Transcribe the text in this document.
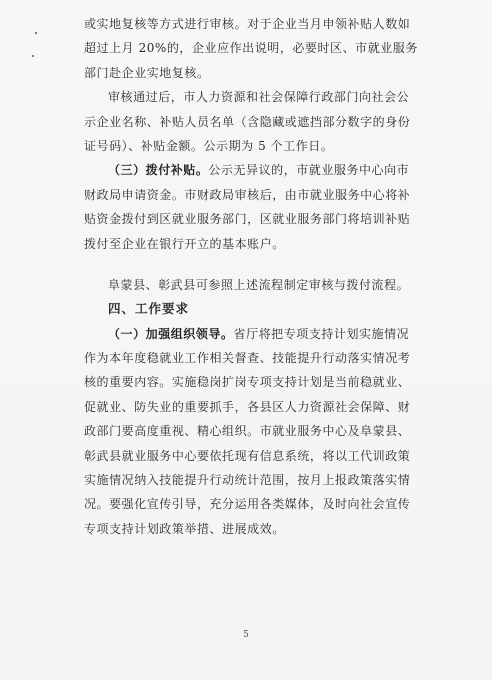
或实地复核等方式进行审核。对于企业当月申领补贴人数如
超过上月 20%的，企业应作出说明，必要时区、市就业服务
部门赴企业实地复核。
审核通过后，市人力资源和社会保障行政部门向社会公
示企业名称、补贴人员名单（含隐藏或遮挡部分数字的身份
证号码）、补贴金额。公示期为 5 个工作日。
（三）拨付补贴。公示无异议的，市就业服务中心向市
财政局申请资金。市财政局审核后，由市就业服务中心将补
贴资金拨付到区就业服务部门，区就业服务部门将培训补贴
拨付至企业在银行开立的基本账户。
阜蒙县、彰武县可参照上述流程制定审核与拨付流程。
四、工作要求
（一）加强组织领导。省厅将把专项支持计划实施情况
作为本年度稳就业工作相关督查、技能提升行动落实情况考
核的重要内容。实施稳岗扩岗专项支持计划是当前稳就业、
促就业、防失业的重要抓手，各县区人力资源社会保障、财
政部门要高度重视、精心组织。市就业服务中心及阜蒙县、
彰武县就业服务中心要依托现有信息系统，将以工代训政策
实施情况纳入技能提升行动统计范围，按月上报政策落实情
况。要强化宣传引导，充分运用各类媒体，及时向社会宣传
专项支持计划政策举措、进展成效。
5
